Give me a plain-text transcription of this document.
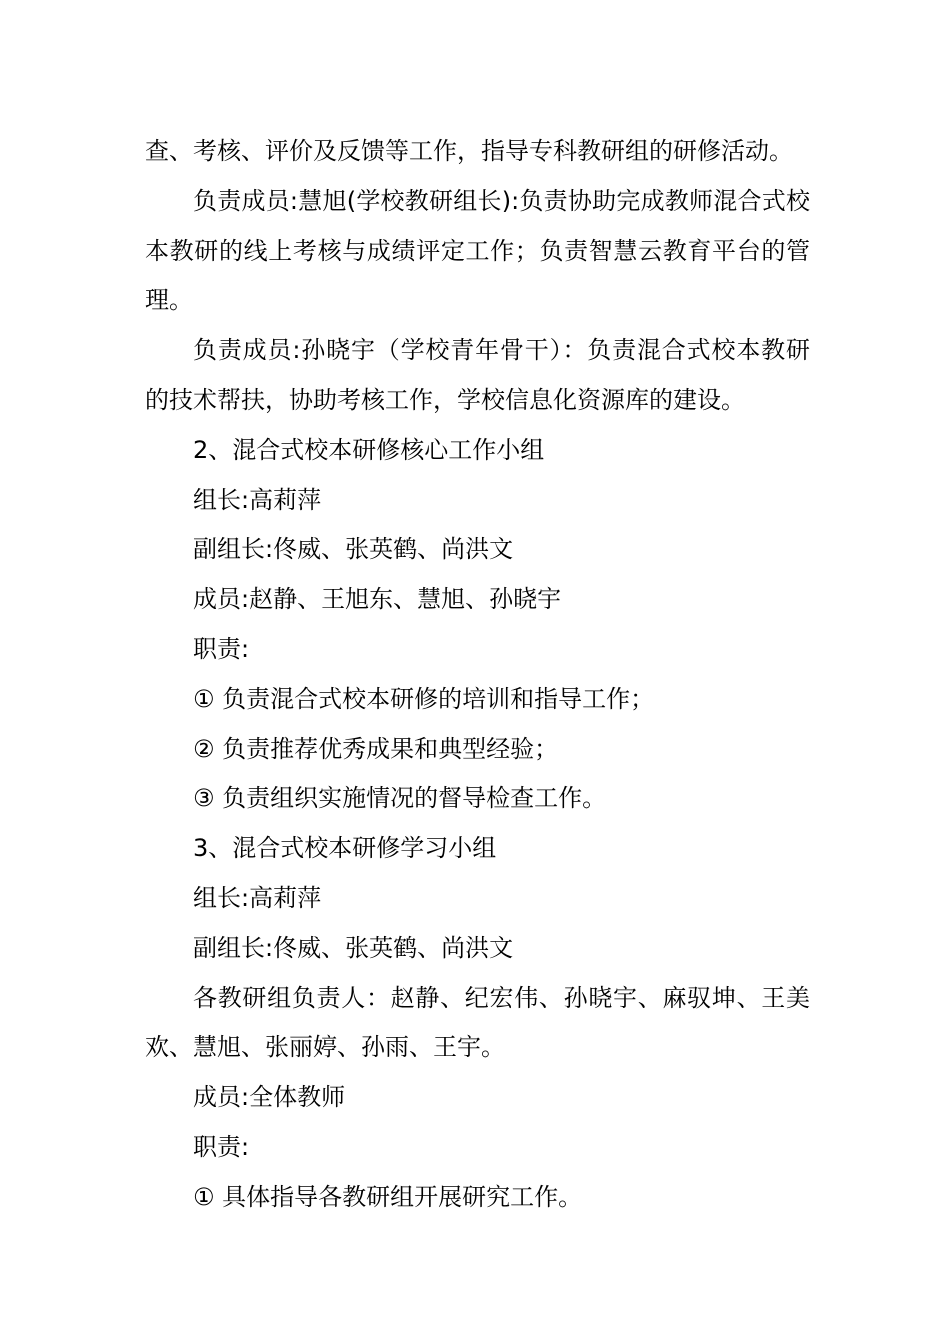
查、考核、评价及反馈等工作，指导专科教研组的研修活动。
负责成员:慧旭(学校教研组长):负责协助完成教师混合式校
本教研的线上考核与成绩评定工作；负责智慧云教育平台的管
理。
负责成员:孙晓宇（学校青年骨干）：负责混合式校本教研
的技术帮扶，协助考核工作，学校信息化资源库的建设。
2、混合式校本研修核心工作小组
组长:高莉萍
副组长:佟威、张英鹤、尚洪文
成员:赵静、王旭东、慧旭、孙晓宇
职责:
① 负责混合式校本研修的培训和指导工作；
② 负责推荐优秀成果和典型经验；
③ 负责组织实施情况的督导检查工作。
3、混合式校本研修学习小组
组长:高莉萍
副组长:佟威、张英鹤、尚洪文
各教研组负责人：赵静、纪宏伟、孙晓宇、麻驭坤、王美
欢、慧旭、张丽婷、孙雨、王宇。
成员:全体教师
职责:
① 具体指导各教研组开展研究工作。
